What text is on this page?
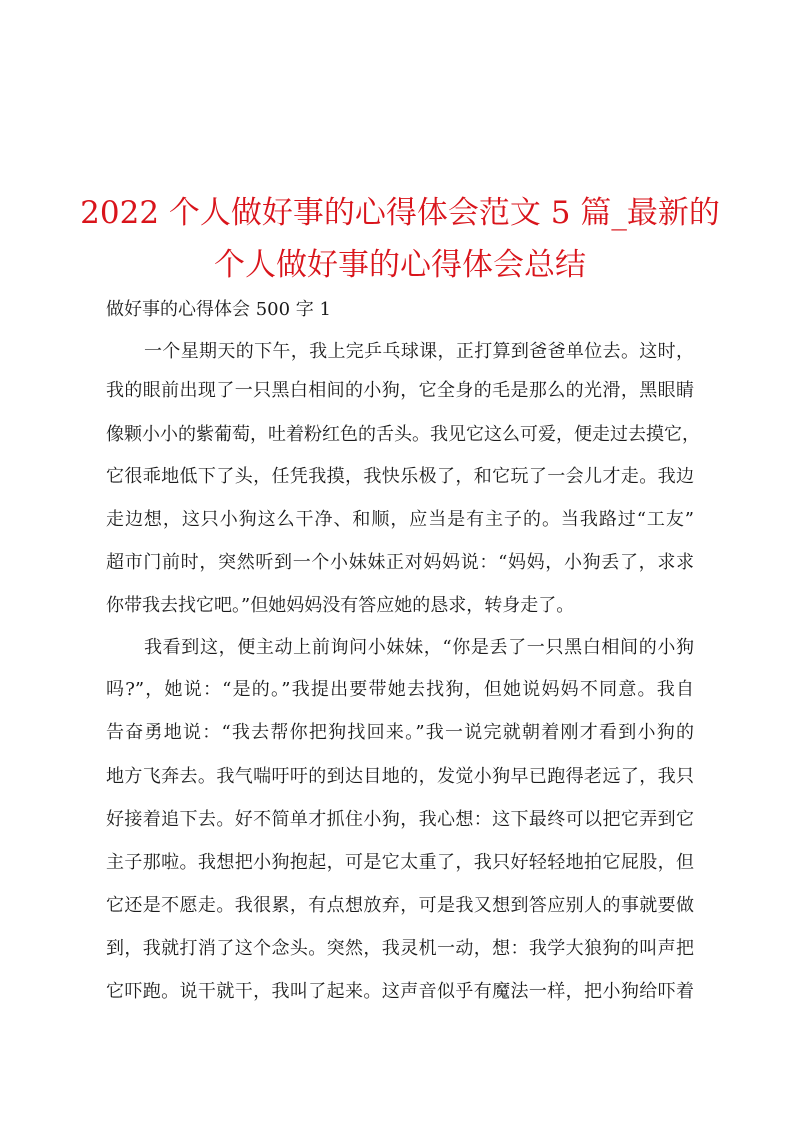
2022 个人做好事的心得体会范文 5 篇_最新的
个人做好事的心得体会总结
做好事的心得体会 500 字 1
一个星期天的下午，我上完乒乓球课，正打算到爸爸单位去。这时，
我的眼前出现了一只黑白相间的小狗，它全身的毛是那么的光滑，黑眼睛
像颗小小的紫葡萄，吐着粉红色的舌头。我见它这么可爱，便走过去摸它，
它很乖地低下了头，任凭我摸，我快乐极了，和它玩了一会儿才走。我边
走边想，这只小狗这么干净、和顺，应当是有主子的。当我路过“工友”
超市门前时，突然听到一个小妹妹正对妈妈说：“妈妈，小狗丢了，求求
你带我去找它吧。”但她妈妈没有答应她的恳求，转身走了。
我看到这，便主动上前询问小妹妹，“你是丢了一只黑白相间的小狗
吗?”，她说：“是的。”我提出要带她去找狗，但她说妈妈不同意。我自
告奋勇地说：“我去帮你把狗找回来。”我一说完就朝着刚才看到小狗的
地方飞奔去。我气喘吁吁的到达目地的，发觉小狗早已跑得老远了，我只
好接着追下去。好不简单才抓住小狗，我心想：这下最终可以把它弄到它
主子那啦。我想把小狗抱起，可是它太重了，我只好轻轻地拍它屁股，但
它还是不愿走。我很累，有点想放弃，可是我又想到答应别人的事就要做
到，我就打消了这个念头。突然，我灵机一动，想：我学大狼狗的叫声把
它吓跑。说干就干，我叫了起来。这声音似乎有魔法一样，把小狗给吓着
